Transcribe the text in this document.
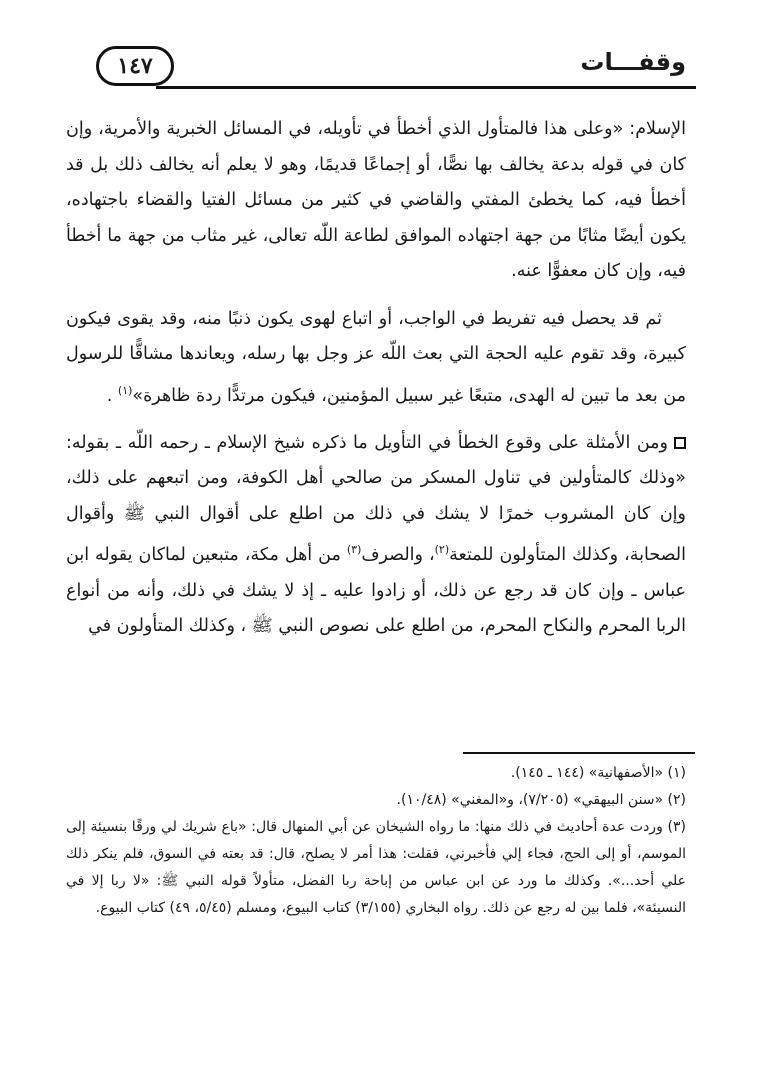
١٤٧	وقفـــات

الإسلام: «وعلى هذا فالمتأول الذي أخطأ في تأويله، في المسائل الخبرية والأمرية، وإن كان في قوله بدعة يخالف بها نصًّا، أو إجماعًا قديمًا، وهو لا يعلم أنه يخالف ذلك بل قد أخطأ فيه، كما يخطئ المفتي والقاضي في كثير من مسائل الفتيا والقضاء باجتهاده، يكون أيضًا مثابًا من جهة اجتهاده الموافق لطاعة اللّه تعالى، غير مثاب من جهة ما أخطأ فيه، وإن كان معفوًّا عنه.

ثم قد يحصل فيه تفريط في الواجب، أو اتباع لهوى يكون ذنبًا منه، وقد يقوى فيكون كبيرة، وقد تقوم عليه الحجة التي بعث اللّه عز وجل بها رسله، ويعاندها مشاقًّا للرسول من بعد ما تبين له الهدى، متبعًا غير سبيل المؤمنين، فيكون مرتدًّا ردة ظاهرة»$^{(١)}$ .

ومن الأمثلة على وقوع الخطأ في التأويل ما ذكره شيخ الإسلام ـ رحمه اللّه ـ بقوله: «وذلك كالمتأولين في تناول المسكر من صالحي أهل الكوفة، ومن اتبعهم على ذلك، وإن كان المشروب خمرًا لا يشك في ذلك من اطلع على أقوال النبي ﷺ وأقوال الصحابة، وكذلك المتأولون للمتعة$^{(٢)}$، والصرف$^{(٣)}$ من أهل مكة، متبعين لماكان يقوله ابن عباس ـ وإن كان قد رجع عن ذلك، أو زادوا عليه ـ إذ لا يشك في ذلك، وأنه من أنواع الربا المحرم والنكاح المحرم، من اطلع على نصوص النبي ﷺ ، وكذلك المتأولون في

(١) «الأصفهانية» (١٤٤ ـ ١٤٥).

(٢) «سنن البيهقي» (٧/٢٠٥)، و«المغني» (١٠/٤٨).

(٣) وردت عدة أحاديث في ذلك منها: ما رواه الشيخان عن أبي المنهال قال: «باع شريك لي ورقًا بنسيئة إلى الموسم، أو إلى الحج، فجاء إلي فأخبرني، فقلت: هذا أمر لا يصلح، قال: قد بعته في السوق، فلم ينكر ذلك علي أحد...». وكذلك ما ورد عن ابن عباس من إباحة ربا الفضل، متأولاً قوله النبي ﷺ: «لا ربا إلا في النسيئة»، فلما بين له رجع عن ذلك. رواه البخاري (٣/١٥٥) كتاب البيوع، ومسلم (٥/٤٥، ٤٩) كتاب البيوع.
